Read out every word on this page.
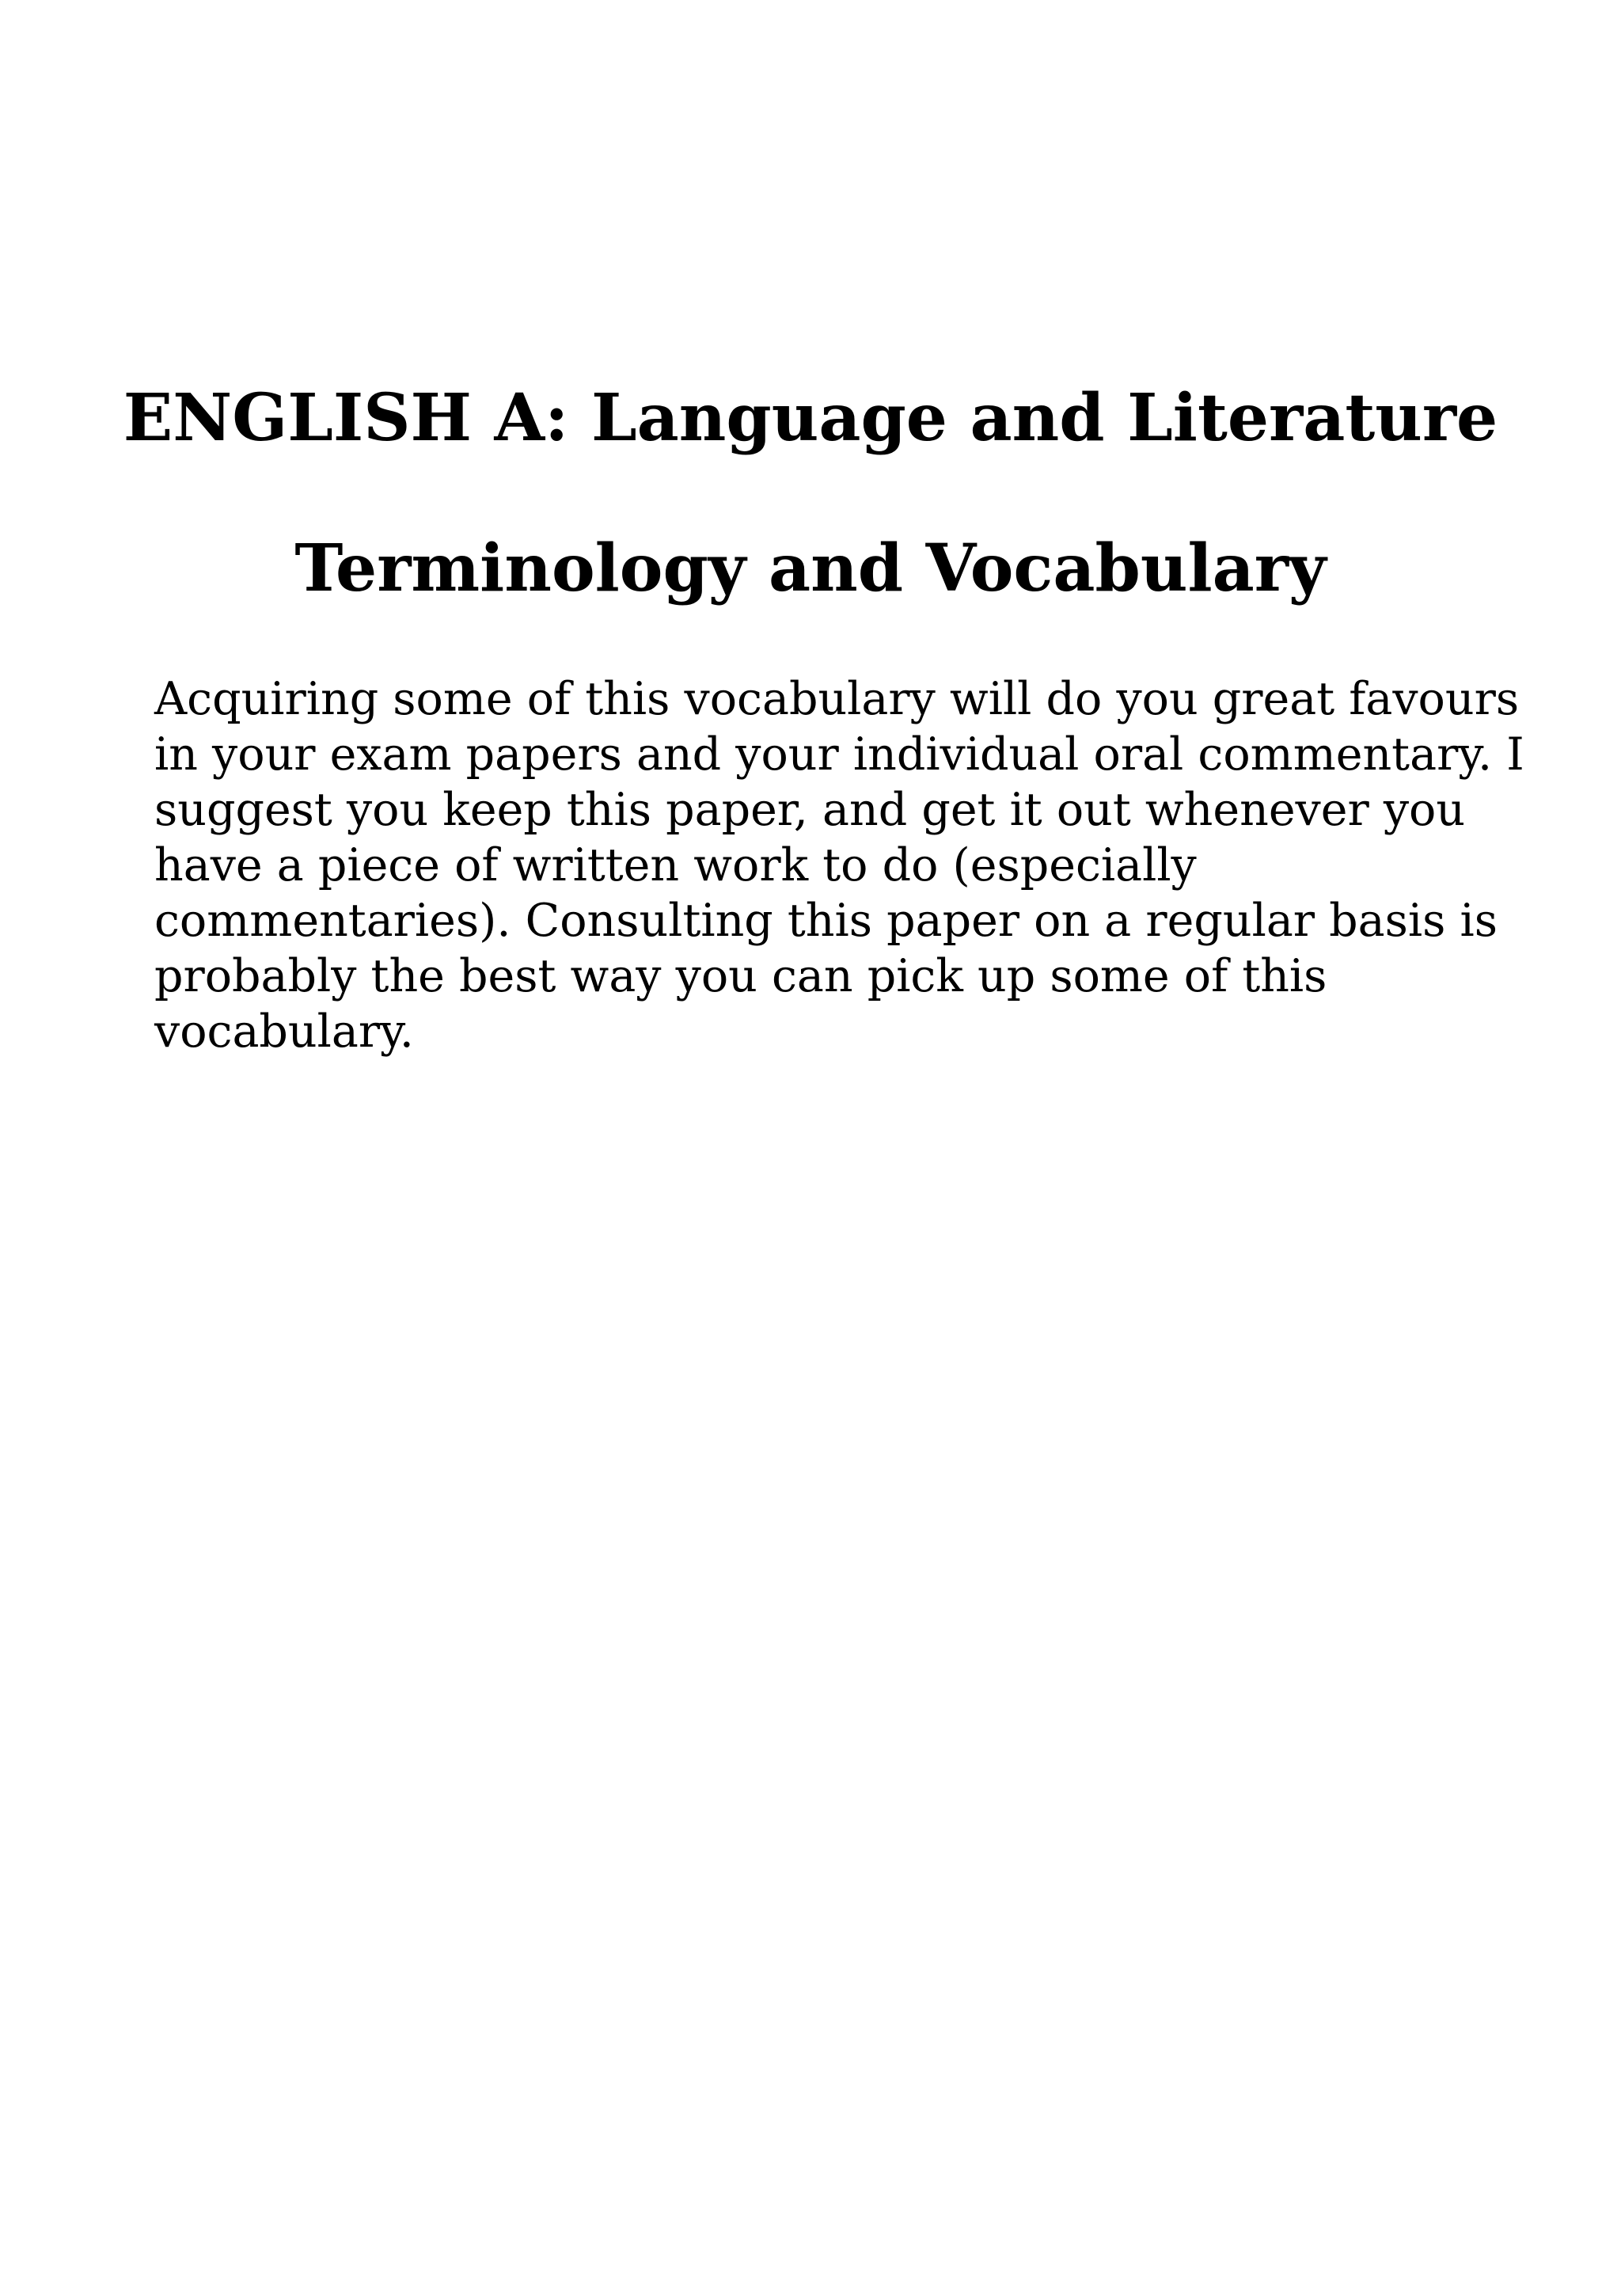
ENGLISH A: Language and Literature
Terminology and Vocabulary

Acquiring some of this vocabulary will do you great favours
in your exam papers and your individual oral commentary. I
suggest you keep this paper, and get it out whenever you
have a piece of written work to do (especially
commentaries). Consulting this paper on a regular basis is
probably the best way you can pick up some of this
vocabulary.
